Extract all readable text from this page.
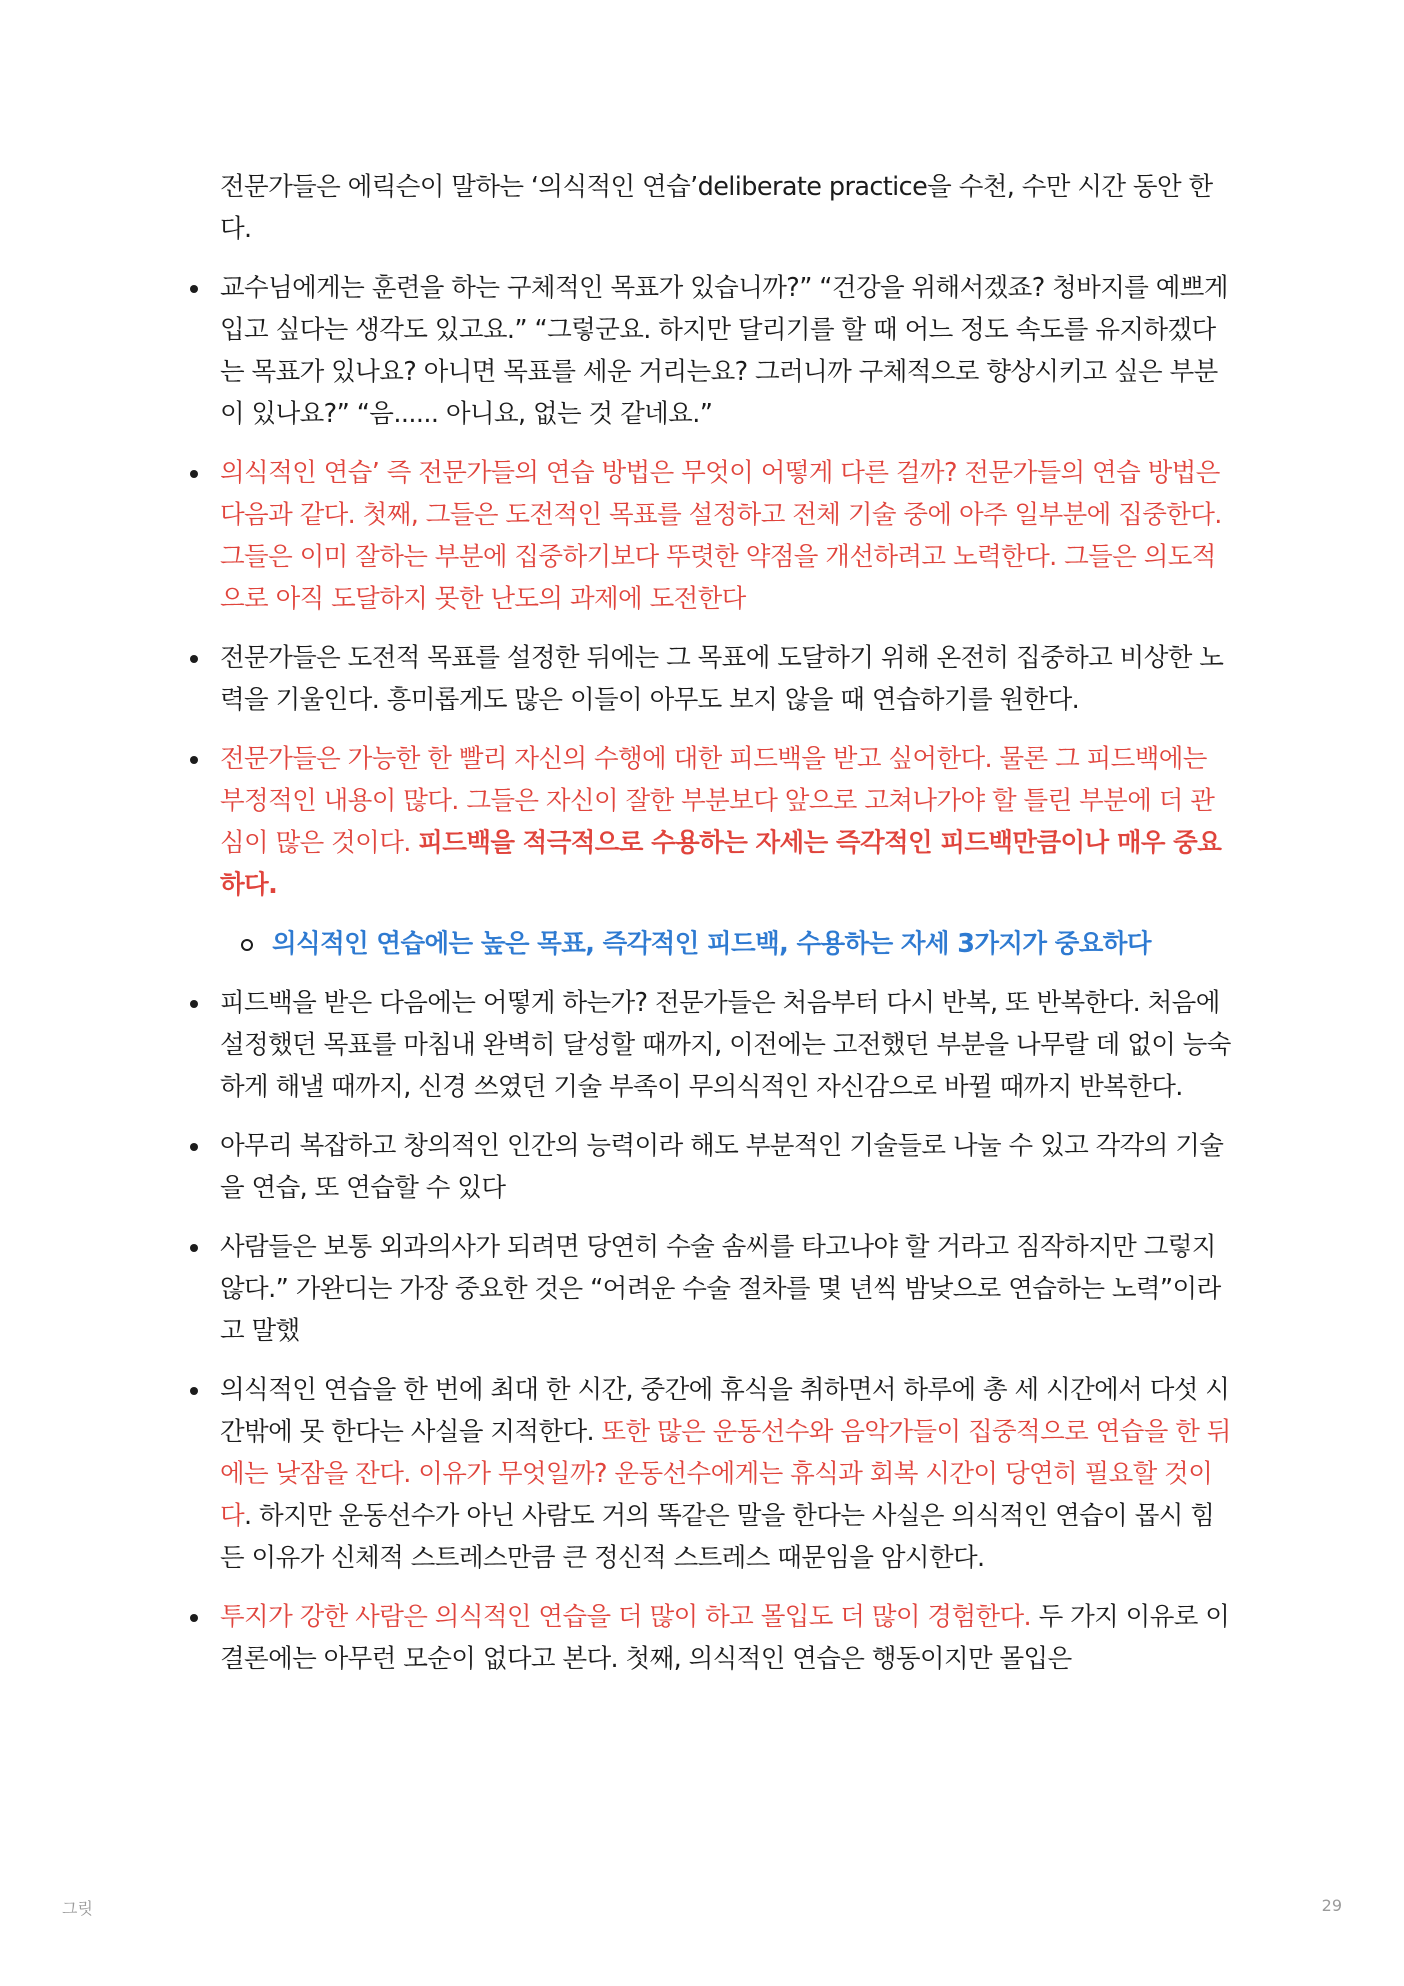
전문가들은 에릭슨이 말하는 ‘의식적인 연습’deliberate practice을 수천, 수만 시간 동안 한다.

교수님에게는 훈련을 하는 구체적인 목표가 있습니까?” “건강을 위해서겠죠? 청바지를 예쁘게 입고 싶다는 생각도 있고요.” “그렇군요. 하지만 달리기를 할 때 어느 정도 속도를 유지하겠다는 목표가 있나요? 아니면 목표를 세운 거리는요? 그러니까 구체적으로 향상시키고 싶은 부분이 있나요?” “음...... 아니요, 없는 것 같네요.”
의식적인 연습’ 즉 전문가들의 연습 방법은 무엇이 어떻게 다른 걸까? 전문가들의 연습 방법은 다음과 같다. 첫째, 그들은 도전적인 목표를 설정하고 전체 기술 중에 아주 일부분에 집중한다. 그들은 이미 잘하는 부분에 집중하기보다 뚜렷한 약점을 개선하려고 노력한다. 그들은 의도적으로 아직 도달하지 못한 난도의 과제에 도전한다
전문가들은 도전적 목표를 설정한 뒤에는 그 목표에 도달하기 위해 온전히 집중하고 비상한 노력을 기울인다. 흥미롭게도 많은 이들이 아무도 보지 않을 때 연습하기를 원한다.
전문가들은 가능한 한 빨리 자신의 수행에 대한 피드백을 받고 싶어한다. 물론 그 피드백에는 부정적인 내용이 많다. 그들은 자신이 잘한 부분보다 앞으로 고쳐나가야 할 틀린 부분에 더 관심이 많은 것이다. 피드백을 적극적으로 수용하는 자세는 즉각적인 피드백만큼이나 매우 중요하다.
의식적인 연습에는 높은 목표, 즉각적인 피드백, 수용하는 자세 3가지가 중요하다
피드백을 받은 다음에는 어떻게 하는가? 전문가들은 처음부터 다시 반복, 또 반복한다. 처음에 설정했던 목표를 마침내 완벽히 달성할 때까지, 이전에는 고전했던 부분을 나무랄 데 없이 능숙하게 해낼 때까지, 신경 쓰였던 기술 부족이 무의식적인 자신감으로 바뀔 때까지 반복한다.
아무리 복잡하고 창의적인 인간의 능력이라 해도 부분적인 기술들로 나눌 수 있고 각각의 기술을 연습, 또 연습할 수 있다
사람들은 보통 외과의사가 되려면 당연히 수술 솜씨를 타고나야 할 거라고 짐작하지만 그렇지 않다.” 가완디는 가장 중요한 것은 “어려운 수술 절차를 몇 년씩 밤낮으로 연습하는 노력”이라고 말했
의식적인 연습을 한 번에 최대 한 시간, 중간에 휴식을 취하면서 하루에 총 세 시간에서 다섯 시간밖에 못 한다는 사실을 지적한다. 또한 많은 운동선수와 음악가들이 집중적으로 연습을 한 뒤에는 낮잠을 잔다. 이유가 무엇일까? 운동선수에게는 휴식과 회복 시간이 당연히 필요할 것이다. 하지만 운동선수가 아닌 사람도 거의 똑같은 말을 한다는 사실은 의식적인 연습이 몹시 힘든 이유가 신체적 스트레스만큼 큰 정신적 스트레스 때문임을 암시한다.
투지가 강한 사람은 의식적인 연습을 더 많이 하고 몰입도 더 많이 경험한다. 두 가지 이유로 이 결론에는 아무런 모순이 없다고 본다. 첫째, 의식적인 연습은 행동이지만 몰입은
그릿	29
